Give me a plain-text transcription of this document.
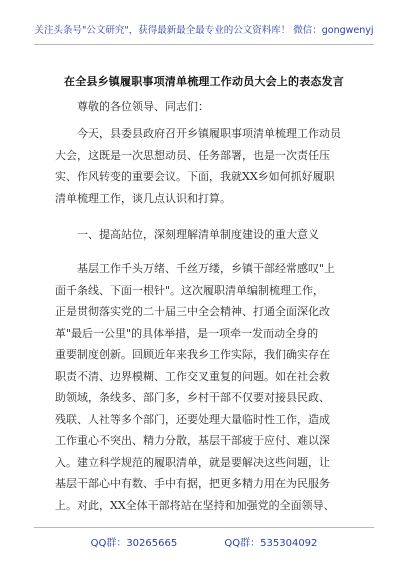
关注头条号"公文研究"，获得最新最全最专业的公文资料库！ 微信：gongwenyj
在全县乡镇履职事项清单梳理工作动员大会上的表态发言
尊敬的各位领导、同志们：
今天，县委县政府召开乡镇履职事项清单梳理工作动员
大会，这既是一次思想动员、任务部署，也是一次责任压
实、作风转变的重要会议。下面，我就XX乡如何抓好履职
清单梳理工作，谈几点认识和打算。
一、提高站位，深刻理解清单制度建设的重大意义
基层工作千头万绪、千丝万缕，乡镇干部经常感叹"上
面千条线、下面一根针"。这次履职清单编制梳理工作，
正是贯彻落实党的二十届三中全会精神、打通全面深化改
革"最后一公里"的具体举措，是一项牵一发而动全身的
重要制度创新。回顾近年来我乡工作实际，我们确实存在
职责不清、边界模糊、工作交叉重复的问题。如在社会救
助领域，条线多、部门多，乡村干部不仅要对接县民政、
残联、人社等多个部门，还要处理大量临时性工作，造成
工作重心不突出、精力分散，基层干部疲于应付、难以深
入。建立科学规范的履职清单，就是要解决这些问题，让
基层干部心中有数、手中有据，把更多精力用在为民服务
上。对此，XX全体干部将站在坚持和加强党的全面领导、
QQ群：30265665	QQ群：535304092
